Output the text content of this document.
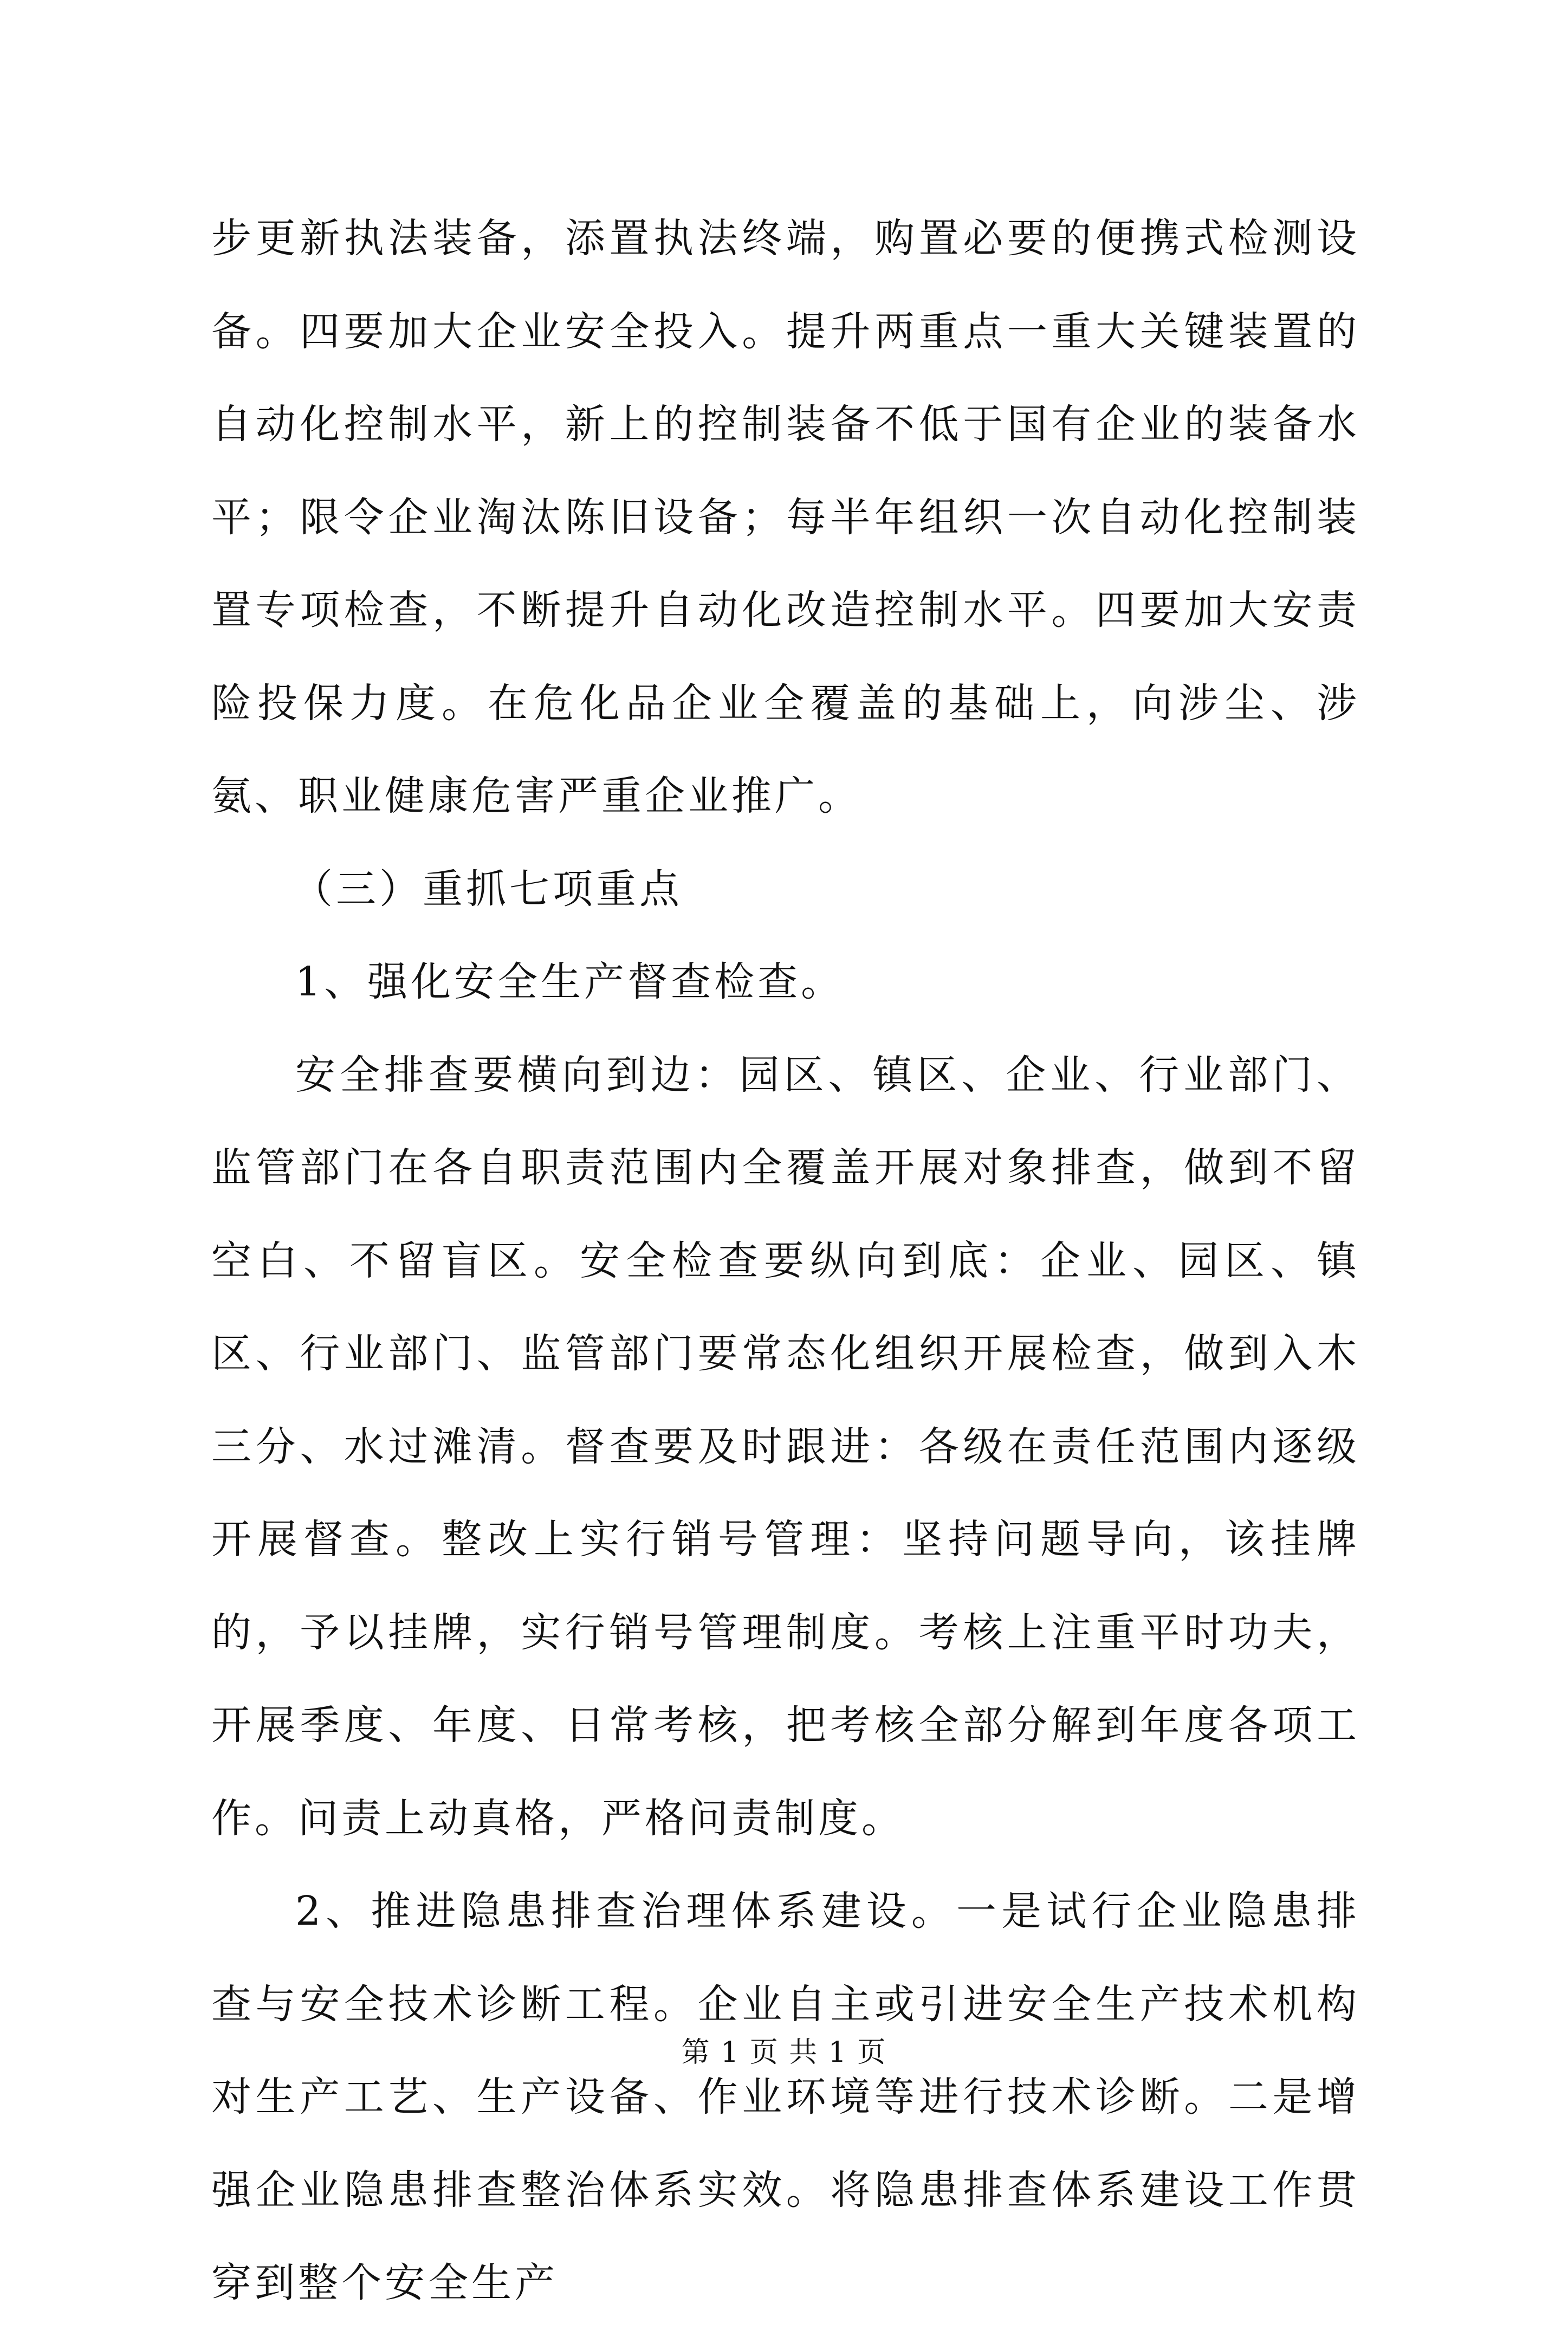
步更新执法装备，添置执法终端，购置必要的便携式检测设备。四要加大企业安全投入。提升两重点一重大关键装置的自动化控制水平，新上的控制装备不低于国有企业的装备水平；限令企业淘汰陈旧设备；每半年组织一次自动化控制装置专项检查，不断提升自动化改造控制水平。四要加大安责险投保力度。在危化品企业全覆盖的基础上，向涉尘、涉氨、职业健康危害严重企业推广。

（三）重抓七项重点

1、强化安全生产督查检查。

安全排查要横向到边：园区、镇区、企业、行业部门、监管部门在各自职责范围内全覆盖开展对象排查，做到不留空白、不留盲区。安全检查要纵向到底：企业、园区、镇区、行业部门、监管部门要常态化组织开展检查，做到入木三分、水过滩清。督查要及时跟进：各级在责任范围内逐级开展督查。整改上实行销号管理：坚持问题导向，该挂牌的，予以挂牌，实行销号管理制度。考核上注重平时功夫，开展季度、年度、日常考核，把考核全部分解到年度各项工作。问责上动真格，严格问责制度。

2、推进隐患排查治理体系建设。一是试行企业隐患排查与安全技术诊断工程。企业自主或引进安全生产技术机构对生产工艺、生产设备、作业环境等进行技术诊断。二是增强企业隐患排查整治体系实效。将隐患排查体系建设工作贯穿到整个安全生产

第 1 页 共 1 页
